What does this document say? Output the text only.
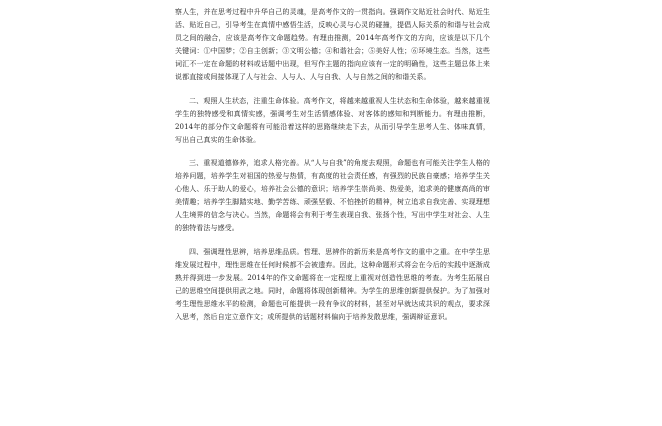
察人生，并在思考过程中升华自己的灵魂，是高考作文的一贯指向。强调作文贴近社会时代、贴近生活、贴近自己，引导考生在真情中感悟生活，反映心灵与心灵的碰撞，提倡人际关系的和谐与社会成员之间的融合，应该是高考作文命题趋势。有理由推测，2014年高考作文的方向，应该是以下几个关键词：①中国梦；②自主创新；③文明公德；④和谐社会；⑤美好人性；⑥环境生态。当然，这些词汇不一定在命题的材料或话题中出现，但写作主题的指向应该有一定的明确性，这些主题总体上来说都直接或间接体现了人与社会、人与人、人与自我、人与自然之间的和谐关系。

二、观照人生状态，注重生命体验。高考作文，将越来越重视人生状态和生命体验，越来越重视学生的独特感受和真情实感，强调考生对生活情感体验、对客体的感知和判断能力。有理由推断，2014年的部分作文命题将有可能沿着这样的思路继续走下去，从而引导学生思考人生、体味真情，写出自己真实的生命体验。

三、重视道德修养，追求人格完善。从“人与自我”的角度去观照，命题也有可能关注学生人格的培养问题，培养学生对祖国的热爱与热情，有高度的社会责任感，有强烈的民族自豪感；培养学生关心他人、乐于助人的爱心，培养社会公德的意识；培养学生崇尚美、热爱美，追求美的健康高尚的审美情趣；培养学生脚踏实地、勤学苦练、顽强坚毅、不怕挫折的精神，树立追求自我完善、实现理想人生境界的信念与决心。当然，命题将会有利于考生表现自我、张扬个性，写出中学生对社会、人生的独特看法与感受。

四、强调理性思辨，培养思维品质。哲理、思辨作的新历来是高考作文的重中之重。在中学生思维发展过程中，理性思维在任何时候都不会被遗弃。因此，这种命题形式将会在今后的实践中逐渐成熟并得到进一步发展。2014年的作文命题将在一定程度上重视对创造性思维的考查。为考生拓展自己的思维空间提供用武之地。同时，命题将体现创新精神。为学生的思维创新提供保护。为了加强对考生理性思维水平的检测，命题也可能提供一段有争议的材料，甚至对早就达成共识的观点，要求深入思考，然后自定立意作文；或所提供的话题材料偏向于培养发散思维，强调辩证意识。
